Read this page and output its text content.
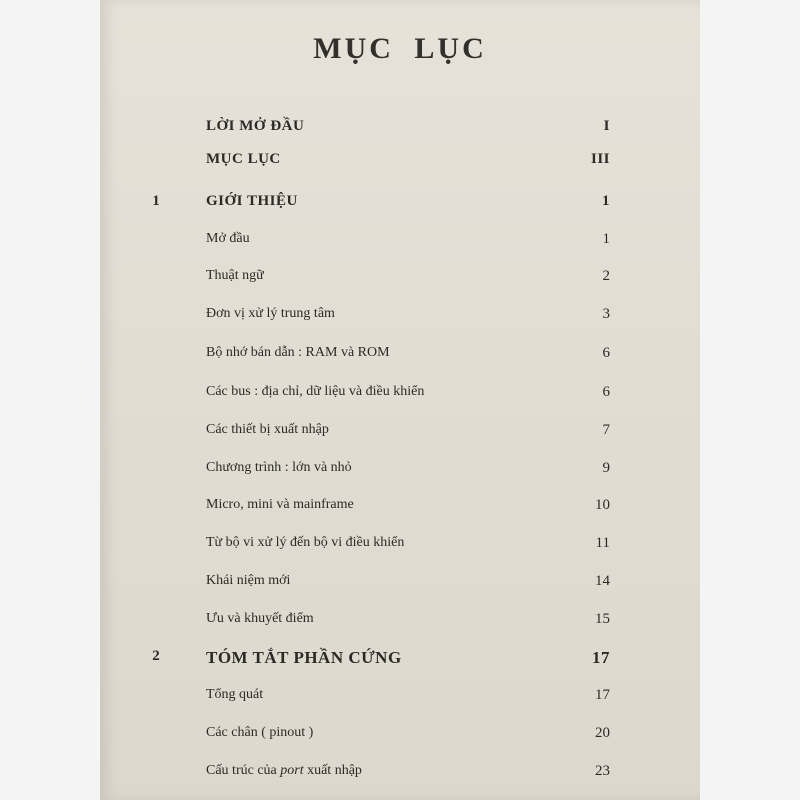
MỤC LỤC
LỜI MỞ ĐẦU	I
MỤC LỤC	III
1	GIỚI THIỆU	1
Mở đầu	1
Thuật ngữ	2
Đơn vị xử lý trung tâm	3
Bộ nhớ bán dẫn : RAM và ROM	6
Các bus : địa chỉ, dữ liệu và điều khiển	6
Các thiết bị xuất nhập	7
Chương trình : lớn và nhỏ	9
Micro, mini và mainframe	10
Từ bộ vi xử lý đến bộ vi điều khiển	11
Khái niệm mới	14
Ưu và khuyết điểm	15
2	TÓM TẮT PHẦN CỨNG	17
Tổng quát	17
Các chân ( pinout )	20
Cấu trúc của port xuất nhập	23
